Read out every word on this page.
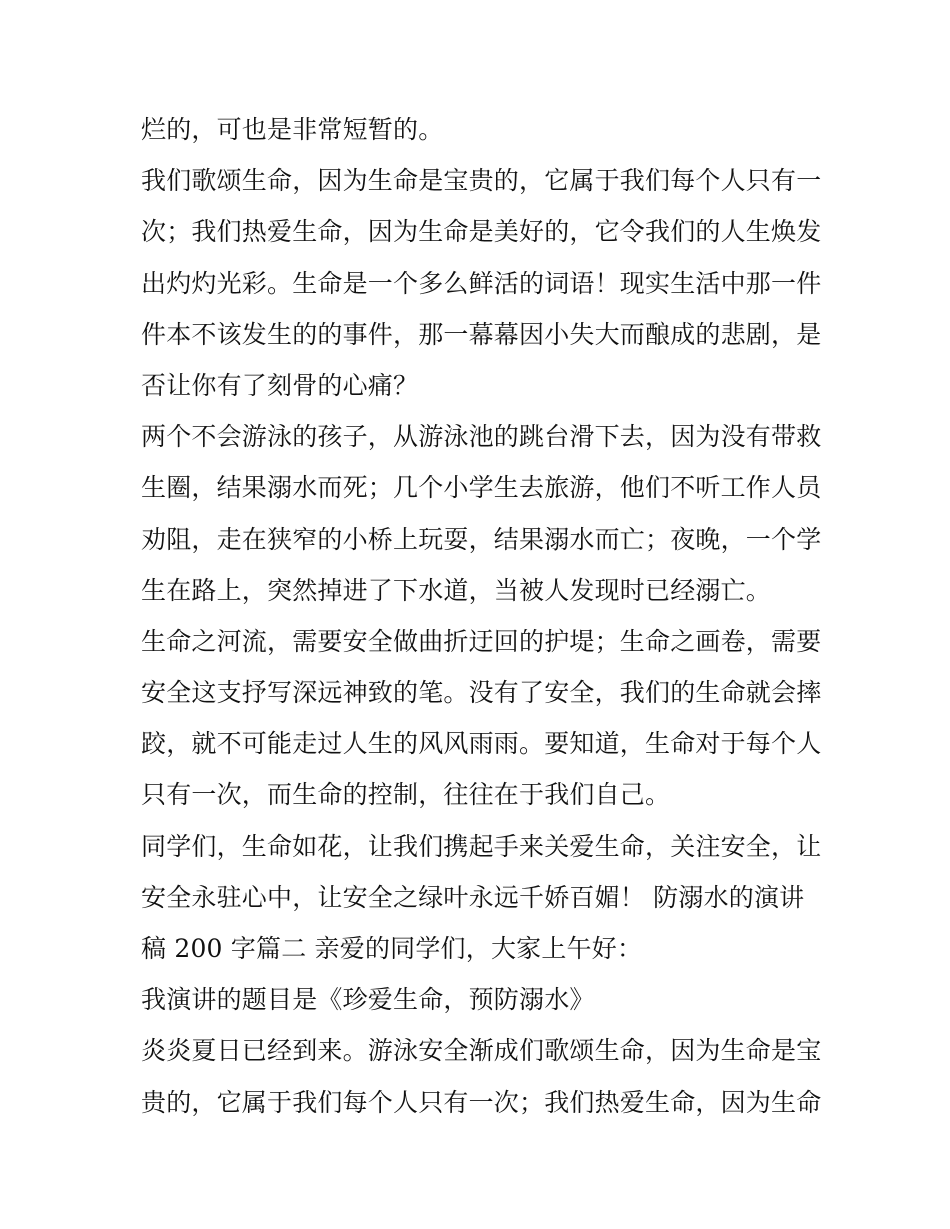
烂的，可也是非常短暂的。
我们歌颂生命，因为生命是宝贵的，它属于我们每个人只有一
次；我们热爱生命，因为生命是美好的，它令我们的人生焕发
出灼灼光彩。生命是一个多么鲜活的词语！现实生活中那一件
件本不该发生的的事件，那一幕幕因小失大而酿成的悲剧，是
否让你有了刻骨的心痛？
两个不会游泳的孩子，从游泳池的跳台滑下去，因为没有带救
生圈，结果溺水而死；几个小学生去旅游，他们不听工作人员
劝阻，走在狭窄的小桥上玩耍，结果溺水而亡；夜晚，一个学
生在路上，突然掉进了下水道，当被人发现时已经溺亡。
生命之河流，需要安全做曲折迂回的护堤；生命之画卷，需要
安全这支抒写深远神致的笔。没有了安全，我们的生命就会摔
跤，就不可能走过人生的风风雨雨。要知道，生命对于每个人
只有一次，而生命的控制，往往在于我们自己。
同学们，生命如花，让我们携起手来关爱生命，关注安全，让
安全永驻心中，让安全之绿叶永远千娇百媚！ 防溺水的演讲
稿 200 字篇二 亲爱的同学们，大家上午好：
我演讲的题目是《珍爱生命，预防溺水》
炎炎夏日已经到来。游泳安全渐成们歌颂生命，因为生命是宝
贵的，它属于我们每个人只有一次；我们热爱生命，因为生命
